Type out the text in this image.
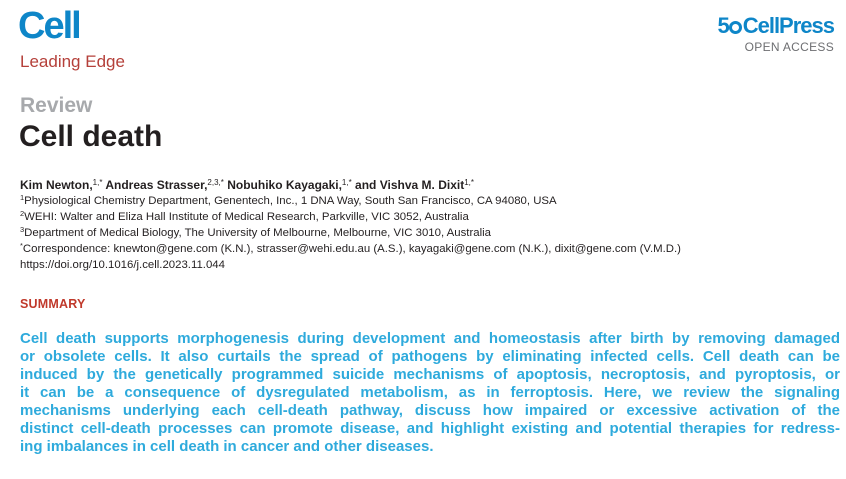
Cell
Leading Edge
5 CellPress
OPEN ACCESS
Review
Cell death
Kim Newton,$^{1,*}$ Andreas Strasser,$^{2,3,*}$ Nobuhiko Kayagaki,$^{1,*}$ and Vishva M. Dixit$^{1,*}$
$^1$Physiological Chemistry Department, Genentech, Inc., 1 DNA Way, South San Francisco, CA 94080, USA
$^2$WEHI: Walter and Eliza Hall Institute of Medical Research, Parkville, VIC 3052, Australia
$^3$Department of Medical Biology, The University of Melbourne, Melbourne, VIC 3010, Australia
*Correspondence: knewton@gene.com (K.N.), strasser@wehi.edu.au (A.S.), kayagaki@gene.com (N.K.), dixit@gene.com (V.M.D.)
https://doi.org/10.1016/j.cell.2023.11.044
SUMMARY
Cell death supports morphogenesis during development and homeostasis after birth by removing damaged
or obsolete cells. It also curtails the spread of pathogens by eliminating infected cells. Cell death can be
induced by the genetically programmed suicide mechanisms of apoptosis, necroptosis, and pyroptosis, or
it can be a consequence of dysregulated metabolism, as in ferroptosis. Here, we review the signaling
mechanisms underlying each cell-death pathway, discuss how impaired or excessive activation of the
distinct cell-death processes can promote disease, and highlight existing and potential therapies for redress-
ing imbalances in cell death in cancer and other diseases.
